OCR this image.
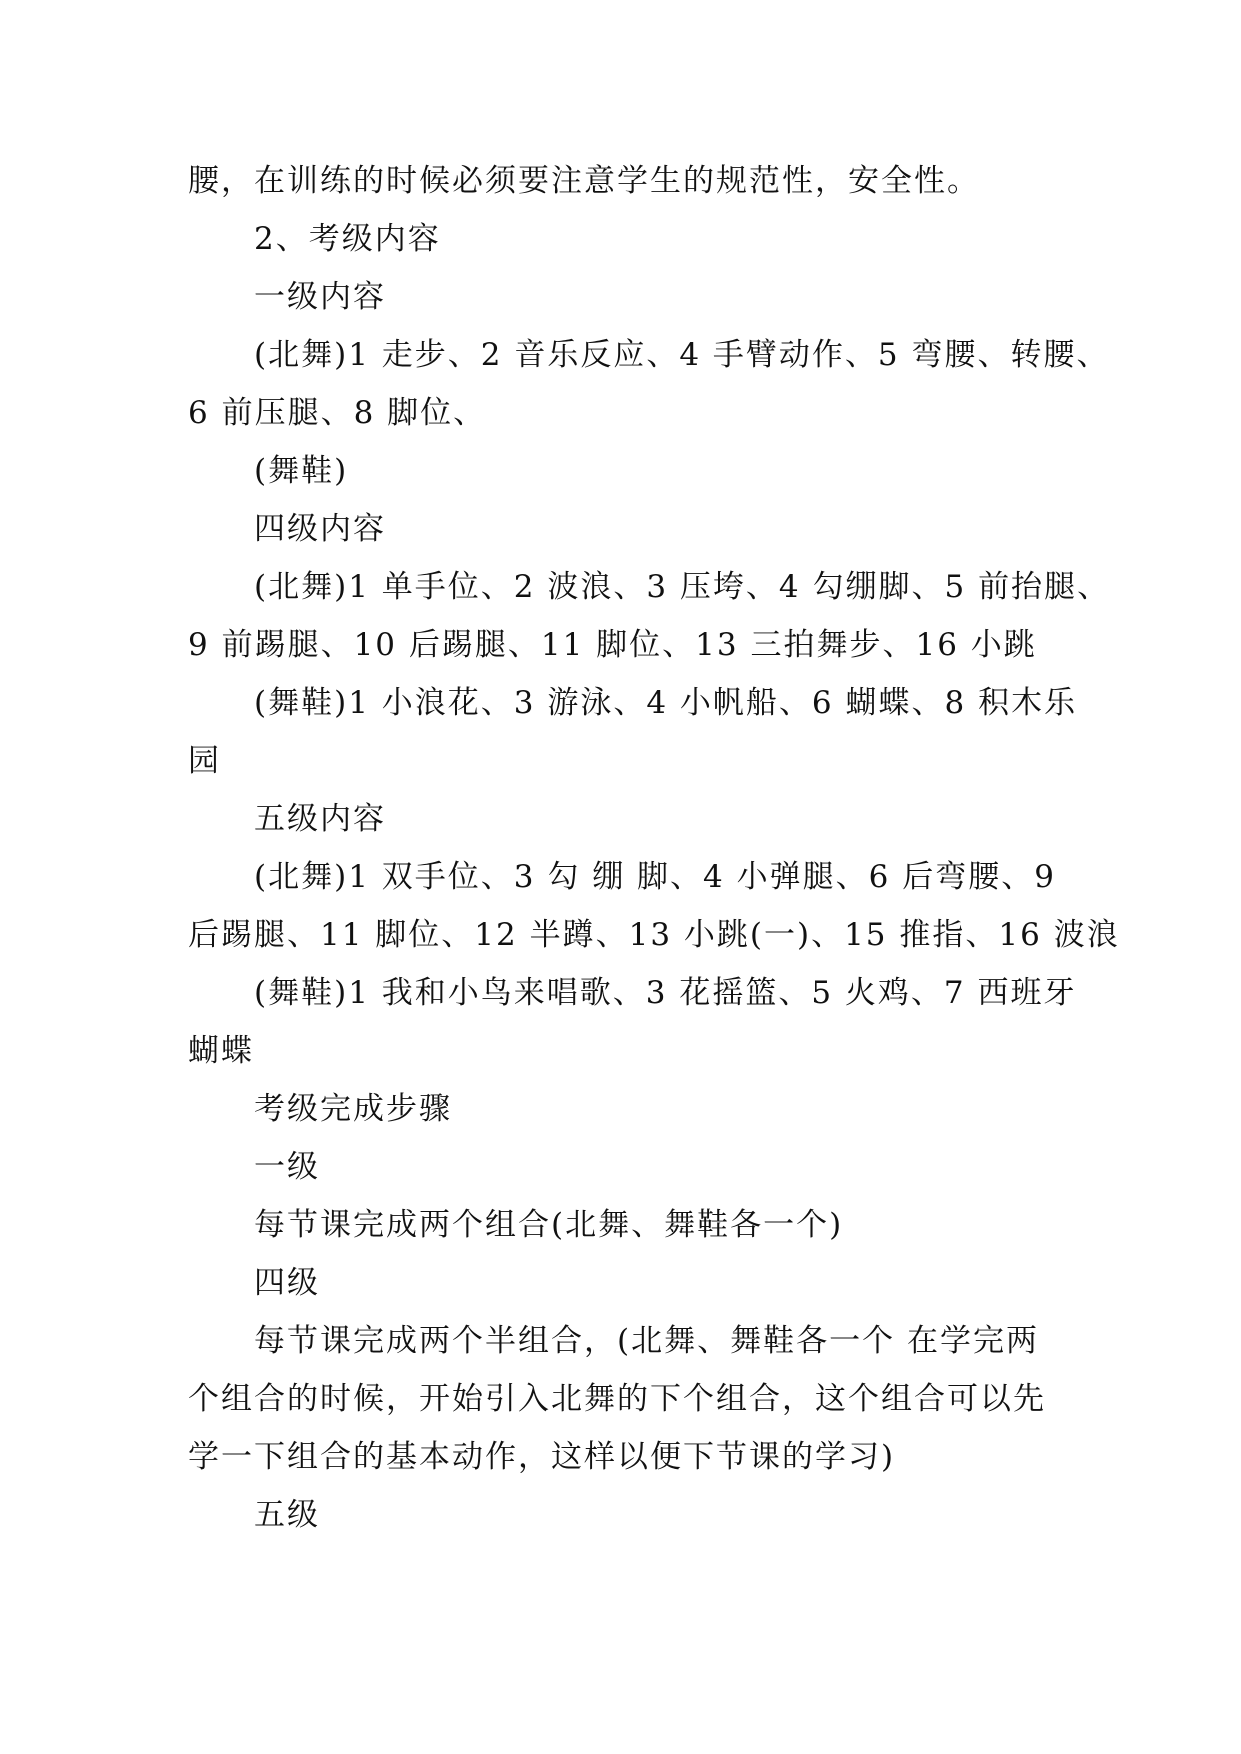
腰，在训练的时候必须要注意学生的规范性，安全性。
2、考级内容
一级内容
(北舞)1 走步、2 音乐反应、4 手臂动作、5 弯腰、转腰、
6 前压腿、8 脚位、
(舞鞋)
四级内容
(北舞)1 单手位、2 波浪、3 压垮、4 勾绷脚、5 前抬腿、
9 前踢腿、10 后踢腿、11 脚位、13 三拍舞步、16 小跳
(舞鞋)1 小浪花、3 游泳、4 小帆船、6 蝴蝶、8 积木乐
园
五级内容
(北舞)1 双手位、3 勾 绷 脚、4 小弹腿、6 后弯腰、9
后踢腿、11 脚位、12 半蹲、13 小跳(一)、15 推指、16 波浪
(舞鞋)1 我和小鸟来唱歌、3 花摇篮、5 火鸡、7 西班牙
蝴蝶
考级完成步骤
一级
每节课完成两个组合(北舞、舞鞋各一个)
四级
每节课完成两个半组合，(北舞、舞鞋各一个 在学完两
个组合的时候，开始引入北舞的下个组合，这个组合可以先
学一下组合的基本动作，这样以便下节课的学习)
五级
